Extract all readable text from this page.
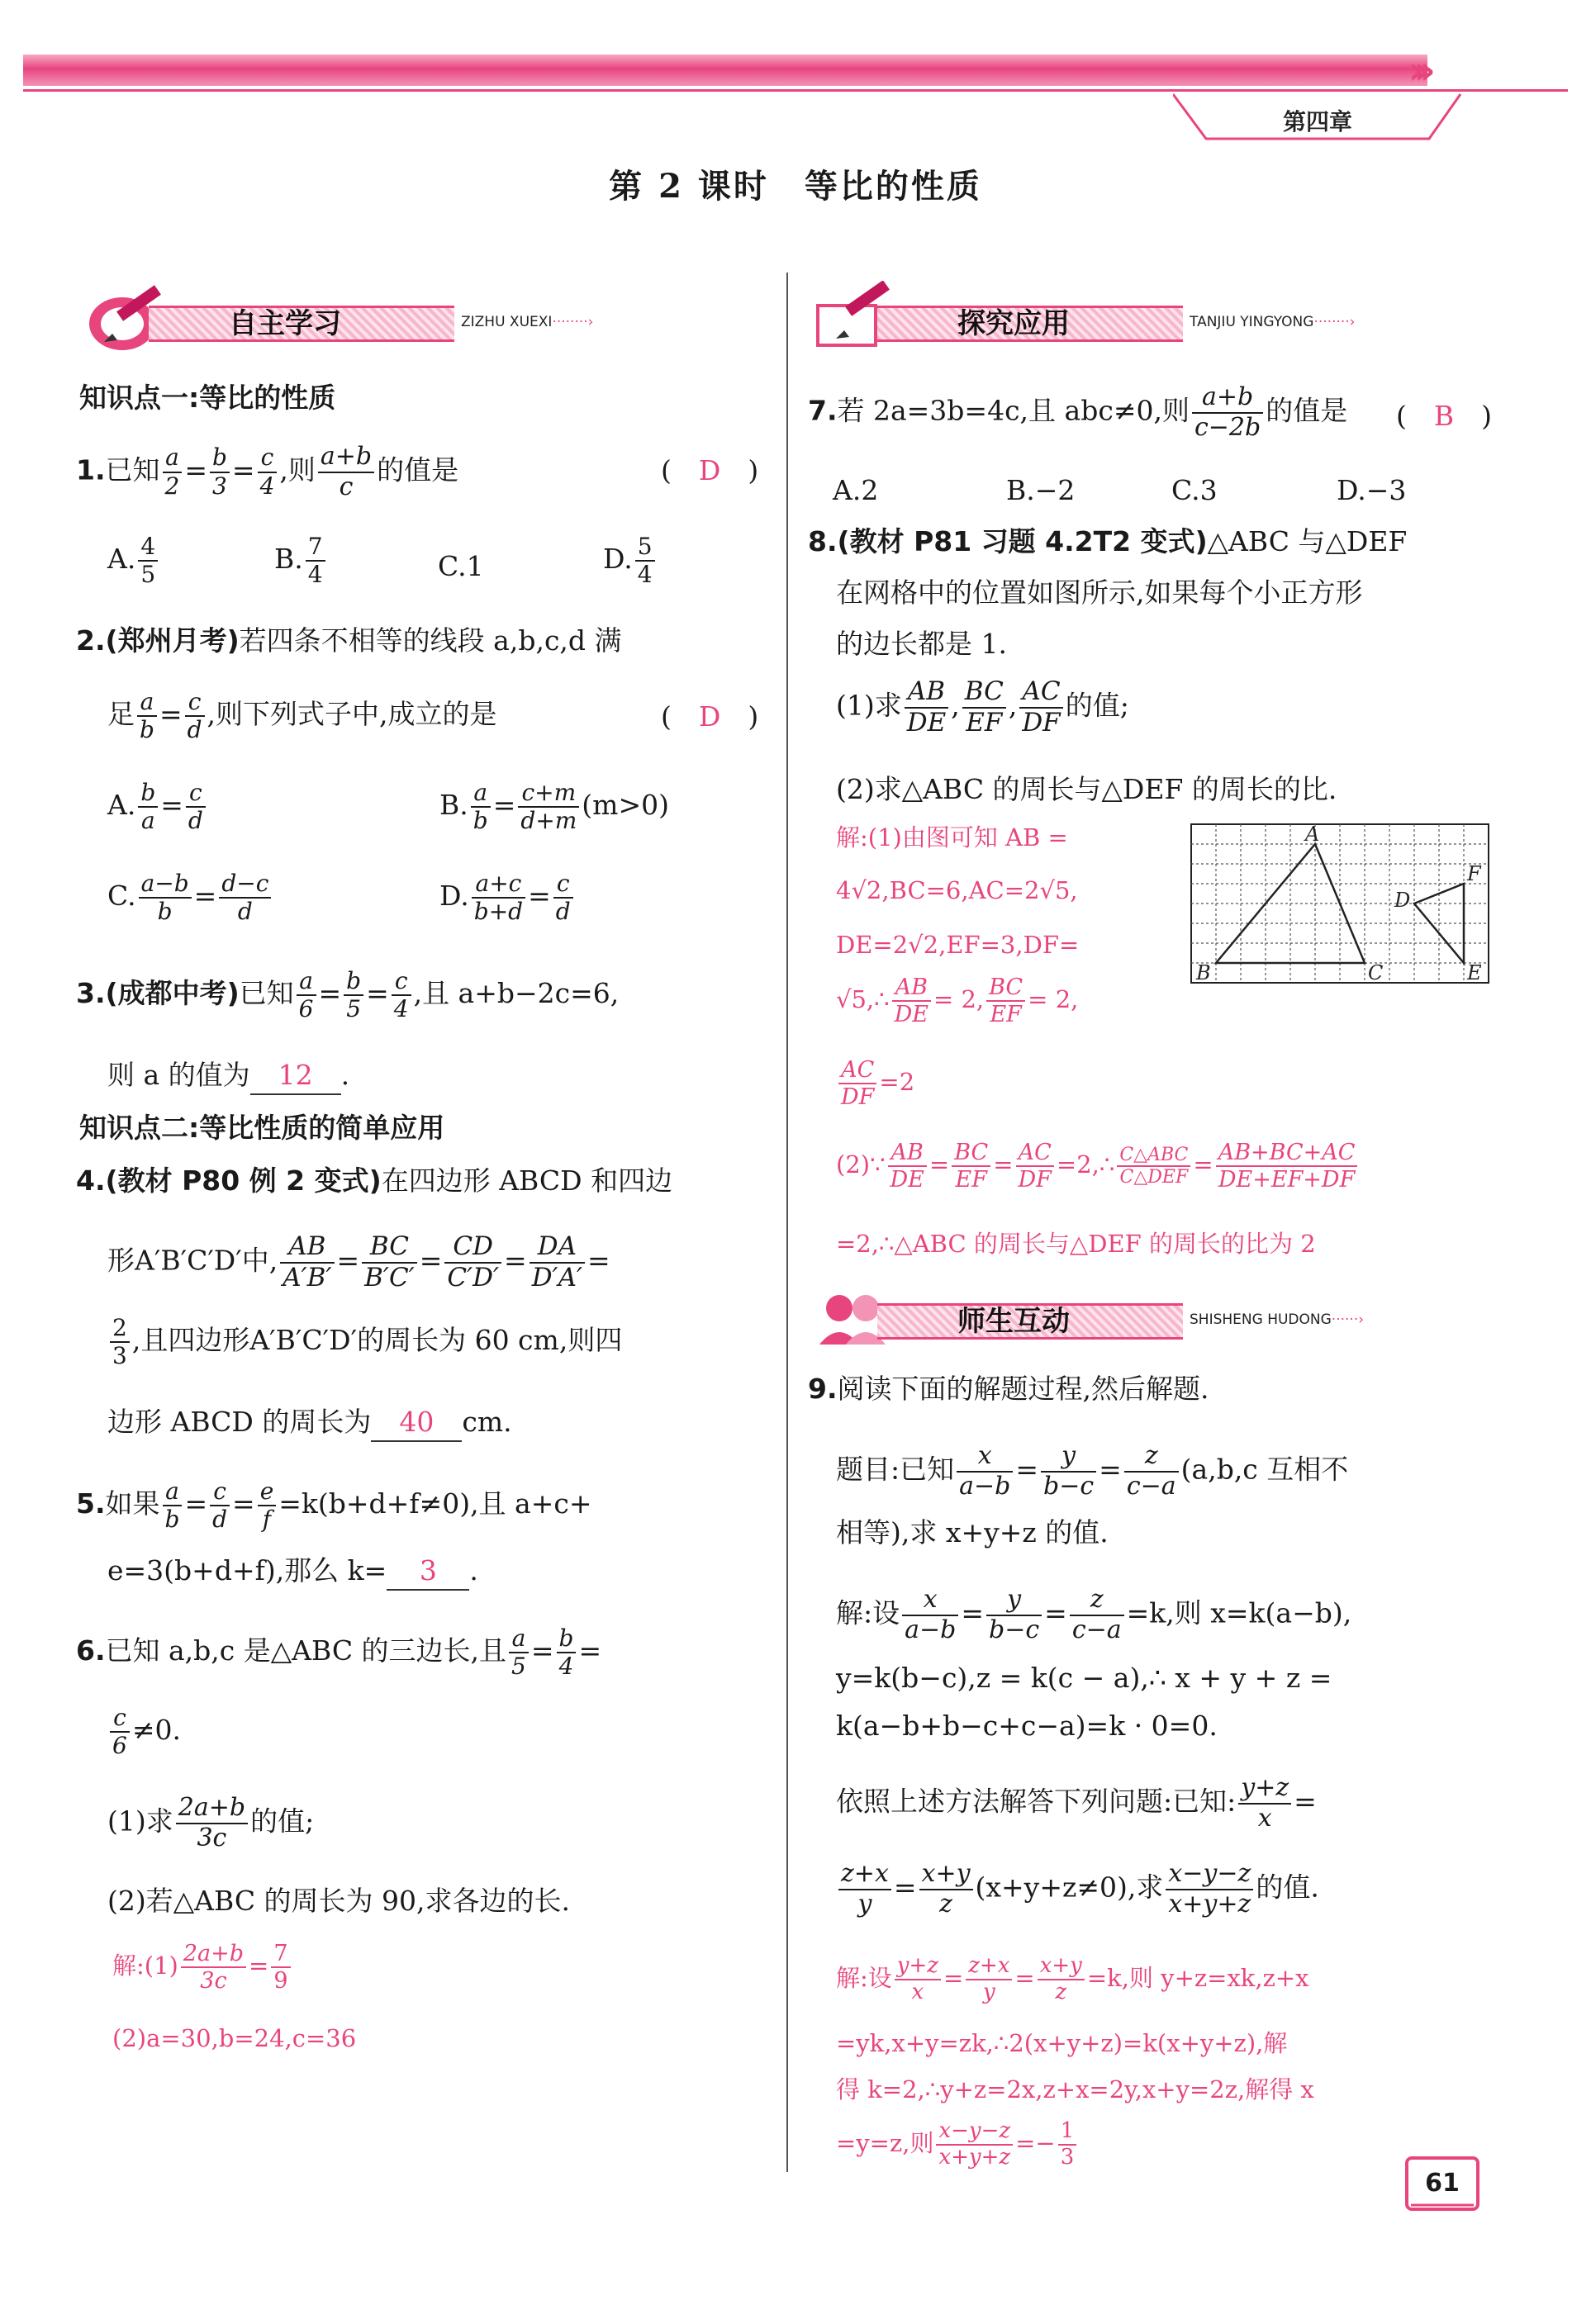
›››
第四章
第 2 课时　等比的性质
自主学习	ZIZHU XUEXI········›
知识点一:等比的性质
1.已知 $\frac{a}{2} = \frac{b}{3} = \frac{c}{4}$ ,则 $\frac{a+b}{c}$ 的值是	(　D　)
A. $\frac{4}{5}$	B. $\frac{7}{4}$	C.1	D. $\frac{5}{4}$
2.(郑州月考)若四条不相等的线段 a,b,c,d 满
足 $\frac{a}{b} = \frac{c}{d}$ ,则下列式子中,成立的是	(　D　)
A. $\frac{b}{a} = \frac{c}{d}$	B. $\frac{a}{b} = \frac{c+m}{d+m} (m>0)$
C. $\frac{a-b}{b} = \frac{d-c}{d}$	D. $\frac{a+c}{b+d} = \frac{c}{d}$
3.(成都中考)已知 $\frac{a}{6} = \frac{b}{5} = \frac{c}{4}$ ,且 a+b−2c=6,
则 a 的值为 12 .
知识点二:等比性质的简单应用
4.(教材 P80 例 2 变式)在四边形 ABCD 和四边
形A′B′C′D′中, $\frac{AB}{A'B'} = \frac{BC}{B'C'} = \frac{CD}{C'D'} = \frac{DA}{D'A'}$ =
$\frac{2}{3}$ ,且四边形A′B′C′D′的周长为 60 cm,则四
边形 ABCD 的周长为 40 cm.
5.如果 $\frac{a}{b} = \frac{c}{d} = \frac{e}{f} =k(b+d+f\ne 0)$,且 a+c+
e=3(b+d+f),那么 k= 3 .
6.已知 a,b,c 是△ABC 的三边长,且 $\frac{a}{5} = \frac{b}{4}$ =
$\frac{c}{6} \ne 0$.
(1)求 $\frac{2a+b}{3c}$ 的值;
(2)若△ABC 的周长为 90,求各边的长.
解:(1) $\frac{2a+b}{3c} = \frac{7}{9}$
(2)a=30,b=24,c=36
探究应用	TANJIU YINGYONG········›
7.若 2a=3b=4c,且 abc≠0,则 $\frac{a+b}{c-2b}$ 的值是 (　B　)
A.2	B.−2	C.3	D.−3
8.(教材 P81 习题 4.2T2 变式)△ABC 与△DEF
在网格中的位置如图所示,如果每个小正方形
的边长都是 1.
(1)求 $\frac{AB}{DE}$ , $\frac{BC}{EF}$ , $\frac{AC}{DF}$ 的值;
(2)求△ABC 的周长与△DEF 的周长的比.
解:(1)由图可知 AB =
4√2,BC=6,AC=2√5,
DE=2√2,EF=3,DF=
√5,∴ $\frac{AB}{DE} = 2$, $\frac{BC}{EF} = 2$,
$\frac{AC}{DF} =2$
(2)∵ $\frac{AB}{DE} = \frac{BC}{EF} = \frac{AC}{DF}$ =2,∴ $\frac{\text{C△ABC}}{\text{C△DEF}} = \frac{AB+BC+AC}{DE+EF+DF}$
=2,∴△ABC 的周长与△DEF 的周长的比为 2
A
B	C
D
E
F
师生互动	SHISHENG HUDONG······›
9.阅读下面的解题过程,然后解题.
题目:已知 $\frac{x}{a-b} = \frac{y}{b-c} = \frac{z}{c-a} (a,b,c$ 互相不
相等),求 x+y+z 的值.
解:设 $\frac{x}{a-b} = \frac{y}{b-c} = \frac{z}{c-a} =k$,则 x=k(a−b),
y=k(b−c),z = k(c − a),∴ x + y + z =
k(a−b+b−c+c−a)=k · 0=0.
依照上述方法解答下列问题:已知: $\frac{y+z}{x}$ =
$\frac{z+x}{y} = \frac{x+y}{z} (x+y+z\ne 0)$,求 $\frac{x-y-z}{x+y+z}$ 的值.
解:设 $\frac{y+z}{x} = \frac{z+x}{y} = \frac{x+y}{z} =k$,则 y+z=xk,z+x
=yk,x+y=zk,∴2(x+y+z)=k(x+y+z),解
得 k=2,∴y+z=2x,z+x=2y,x+y=2z,解得 x
=y=z,则 $\frac{x-y-z}{x+y+z} =- \frac{1}{3}$
61
